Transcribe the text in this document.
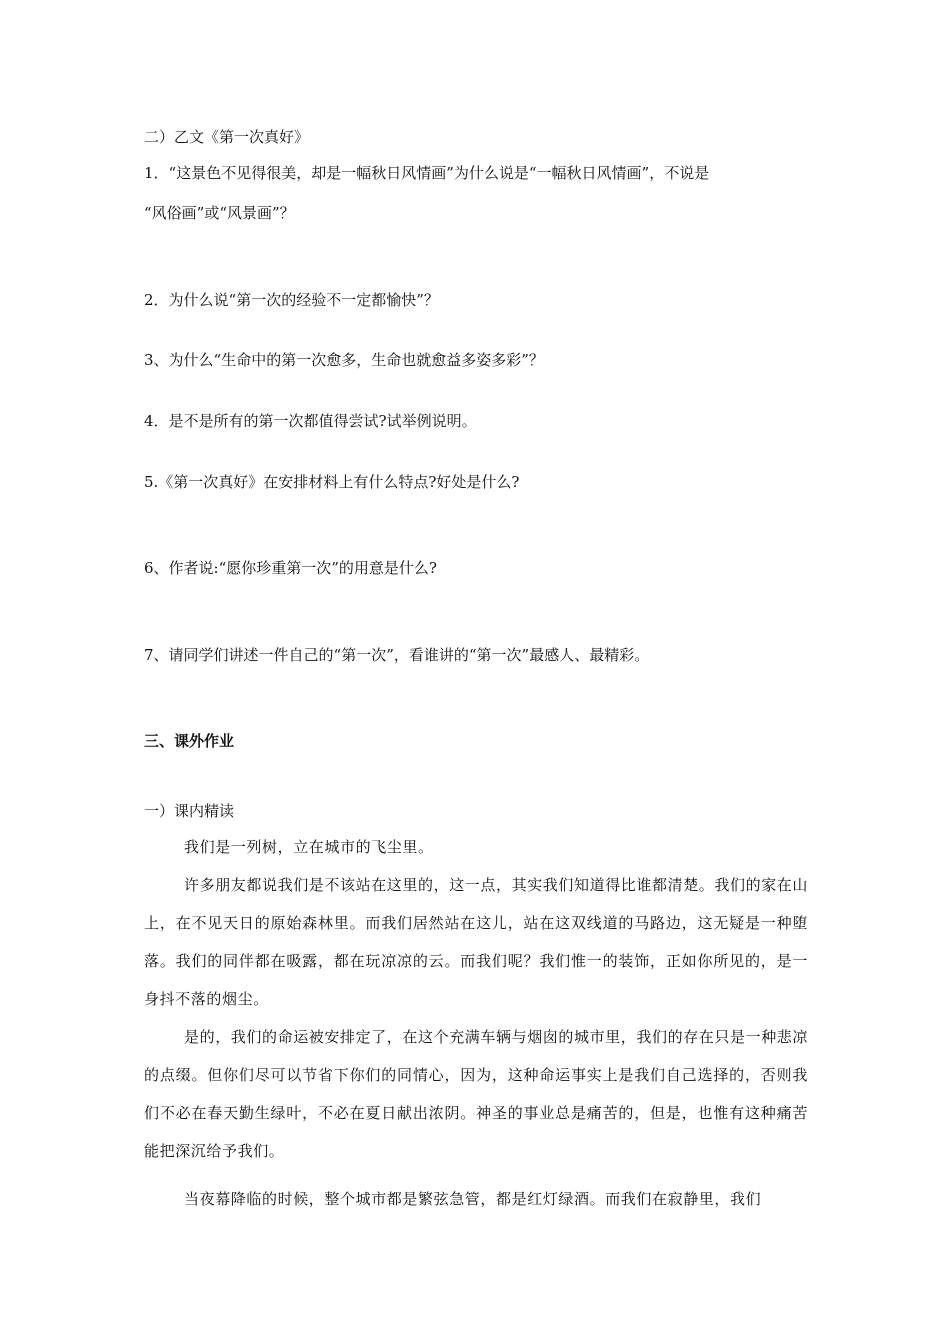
二）乙文《第一次真好》
1．“这景色不见得很美，却是一幅秋日风情画”为什么说是“一幅秋日风情画”，不说是
“风俗画”或“风景画”？
2．为什么说“第一次的经验不一定都愉快”？
3、为什么“生命中的第一次愈多，生命也就愈益多姿多彩”？
4．是不是所有的第一次都值得尝试?试举例说明。
5.《第一次真好》在安排材料上有什么特点?好处是什么?
6、作者说:“愿你珍重第一次”的用意是什么?
7、请同学们讲述一件自己的“第一次”，看谁讲的“第一次”最感人、最精彩。
三、课外作业
一）课内精读
我们是一列树，立在城市的飞尘里。
许多朋友都说我们是不该站在这里的，这一点，其实我们知道得比谁都清楚。我们的家在山上，在不见天日的原始森林里。而我们居然站在这儿，站在这双线道的马路边，这无疑是一种堕落。我们的同伴都在吸露，都在玩凉凉的云。而我们呢？我们惟一的装饰，正如你所见的，是一身抖不落的烟尘。
是的，我们的命运被安排定了，在这个充满车辆与烟囱的城市里，我们的存在只是一种悲凉的点缀。但你们尽可以节省下你们的同情心，因为，这种命运事实上是我们自己选择的，否则我们不必在春天勤生绿叶，不必在夏日献出浓阴。神圣的事业总是痛苦的，但是，也惟有这种痛苦能把深沉给予我们。
当夜幕降临的时候，整个城市都是繁弦急管，都是红灯绿酒。而我们在寂静里，我们
